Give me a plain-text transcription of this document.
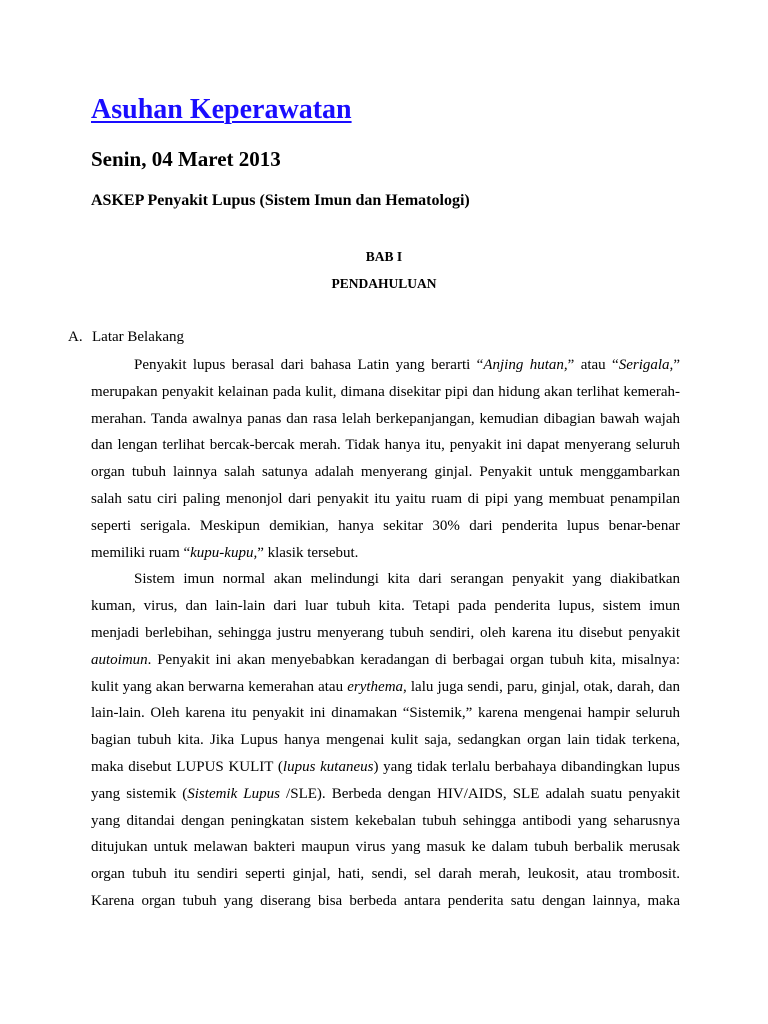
Asuhan Keperawatan
Senin, 04 Maret 2013
ASKEP Penyakit Lupus (Sistem Imun dan Hematologi)
BAB I
PENDAHULUAN
A. Latar Belakang
Penyakit lupus berasal dari bahasa Latin yang berarti “Anjing hutan,” atau “Serigala,”
merupakan penyakit kelainan pada kulit, dimana disekitar pipi dan hidung akan terlihat kemerah-
merahan. Tanda awalnya panas dan rasa lelah berkepanjangan, kemudian dibagian bawah wajah
dan lengan terlihat bercak-bercak merah. Tidak hanya itu, penyakit ini dapat menyerang seluruh
organ tubuh lainnya salah satunya adalah menyerang ginjal. Penyakit untuk menggambarkan
salah satu ciri paling menonjol dari penyakit itu yaitu ruam di pipi yang membuat penampilan
seperti serigala. Meskipun demikian, hanya sekitar 30% dari penderita lupus benar-benar
memiliki ruam “kupu-kupu,” klasik tersebut.
Sistem imun normal akan melindungi kita dari serangan penyakit yang diakibatkan
kuman, virus, dan lain-lain dari luar tubuh kita. Tetapi pada penderita lupus, sistem imun
menjadi berlebihan, sehingga justru menyerang tubuh sendiri, oleh karena itu disebut penyakit
autoimun. Penyakit ini akan menyebabkan keradangan di berbagai organ tubuh kita, misalnya:
kulit yang akan berwarna kemerahan atau erythema, lalu juga sendi, paru, ginjal, otak, darah, dan
lain-lain. Oleh karena itu penyakit ini dinamakan “Sistemik,” karena mengenai hampir seluruh
bagian tubuh kita. Jika Lupus hanya mengenai kulit saja, sedangkan organ lain tidak terkena,
maka disebut LUPUS KULIT (lupus kutaneus) yang tidak terlalu berbahaya dibandingkan lupus
yang sistemik (Sistemik Lupus /SLE). Berbeda dengan HIV/AIDS, SLE adalah suatu penyakit
yang ditandai dengan peningkatan sistem kekebalan tubuh sehingga antibodi yang seharusnya
ditujukan untuk melawan bakteri maupun virus yang masuk ke dalam tubuh berbalik merusak
organ tubuh itu sendiri seperti ginjal, hati, sendi, sel darah merah, leukosit, atau trombosit.
Karena organ tubuh yang diserang bisa berbeda antara penderita satu dengan lainnya, maka
